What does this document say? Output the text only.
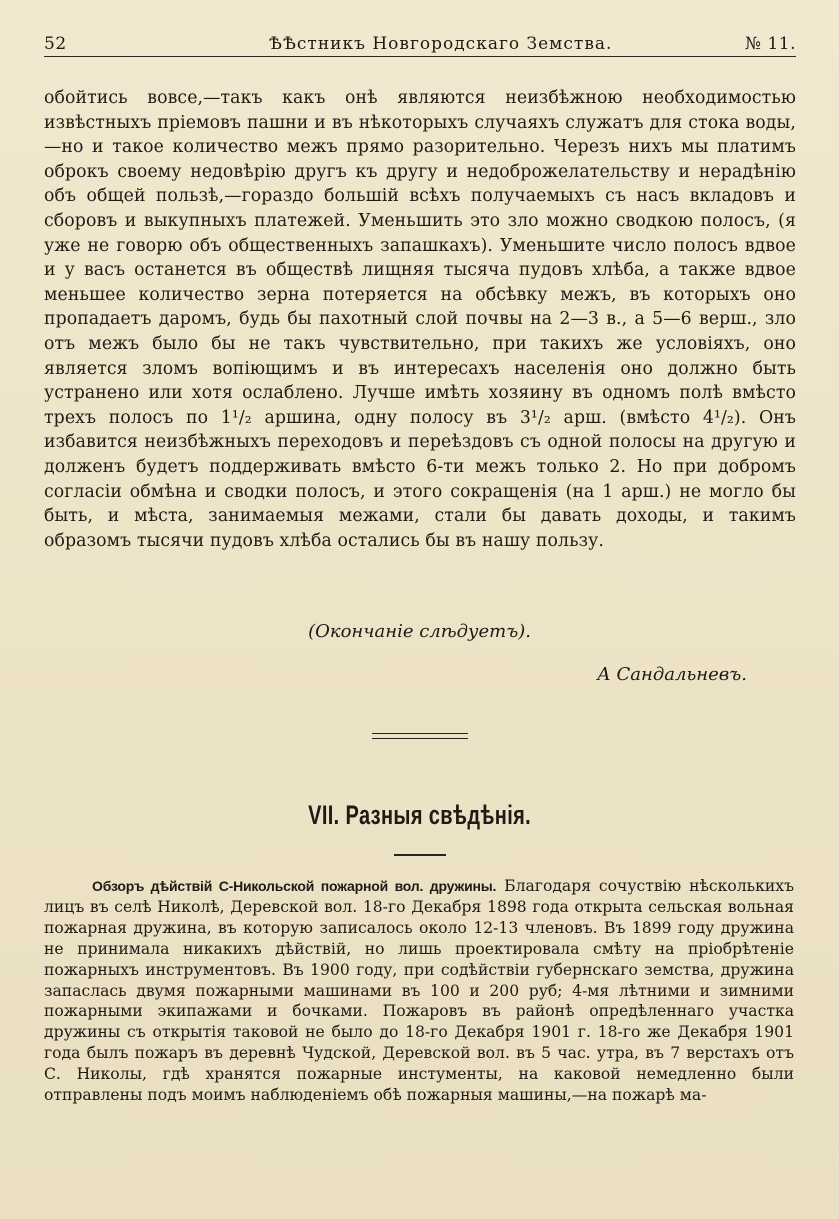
52	ѢѢстникъ Новгородскаго Земства.	№ 11.

обойтись вовсе,—такъ какъ онѣ являются неизбѣжною необходимостью извѣстныхъ пріемовъ пашни и въ нѣкоторыхъ случаяхъ служатъ для стока воды,—но и такое количество межъ прямо разорительно. Черезъ нихъ мы платимъ оброкъ своему недовѣрію другъ къ другу и недоброжелательству и нерадѣнію объ общей пользѣ,—гораздо большій всѣхъ получаемыхъ съ насъ вкладовъ и сборовъ и выкупныхъ платежей. Уменьшить это зло можно сводкою полосъ, (я уже не говорю объ общественныхъ запашкахъ). Уменьшите число полосъ вдвое и у васъ останется въ обществѣ лищняя тысяча пудовъ хлѣба, а также вдвое меньшее количество зерна потеряется на обсѣвку межъ, въ которыхъ оно пропадаетъ даромъ, будь бы пахотный слой почвы на 2—3 в., а 5—6 верш., зло отъ межъ было бы не такъ чувствительно, при такихъ же условіяхъ, оно является зломъ вопіющимъ и въ интересахъ населенія оно должно быть устранено или хотя ослаблено. Лучше имѣть хозяину въ одномъ полѣ вмѣсто трехъ полосъ по 1¹/₂ аршина, одну полосу въ 3¹/₂ арш. (вмѣсто 4¹/₂). Онъ избавится неизбѣжныхъ переходовъ и переѣздовъ съ одной полосы на другую и долженъ будетъ поддерживать вмѣсто 6-ти межъ только 2. Но при добромъ согласіи обмѣна и сводки полосъ, и этого сокращенія (на 1 арш.) не могло бы быть, и мѣста, занимаемыя межами, стали бы давать доходы, и такимъ образомъ тысячи пудовъ хлѣба остались бы въ нашу пользу.

(Окончаніе слѣдуетъ).
А Сандальневъ.
VII. Разныя свѣдѣнія.

Обзоръ дѣйствій С-Никольской пожарной вол. дружины. Благодаря сочуствію нѣсколькихъ лицъ въ селѣ Николѣ, Деревской вол. 18-го Декабря 1898 года открыта сельская вольная пожарная дружина, въ которую записалось около 12-13 членовъ. Въ 1899 году дружина не принимала никакихъ дѣйствій, но лишь проектировала смѣту на пріобрѣтеніе пожарныхъ инструментовъ. Въ 1900 году, при содѣйствіи губернскаго земства, дружина запаслась двумя пожарными машинами въ 100 и 200 руб; 4-мя лѣтними и зимними пожарными экипажами и бочками. Пожаровъ въ районѣ опредѣленнаго участка дружины съ открытія таковой не было до 18-го Декабря 1901 г. 18-го же Декабря 1901 года былъ пожаръ въ деревнѣ Чудской, Деревской вол. въ 5 час. утра, въ 7 верстахъ отъ С. Николы, гдѣ хранятся пожарные инстументы, на каковой немедленно были отправлены подъ моимъ наблюденіемъ обѣ пожарныя машины,—на пожарѣ ма-
